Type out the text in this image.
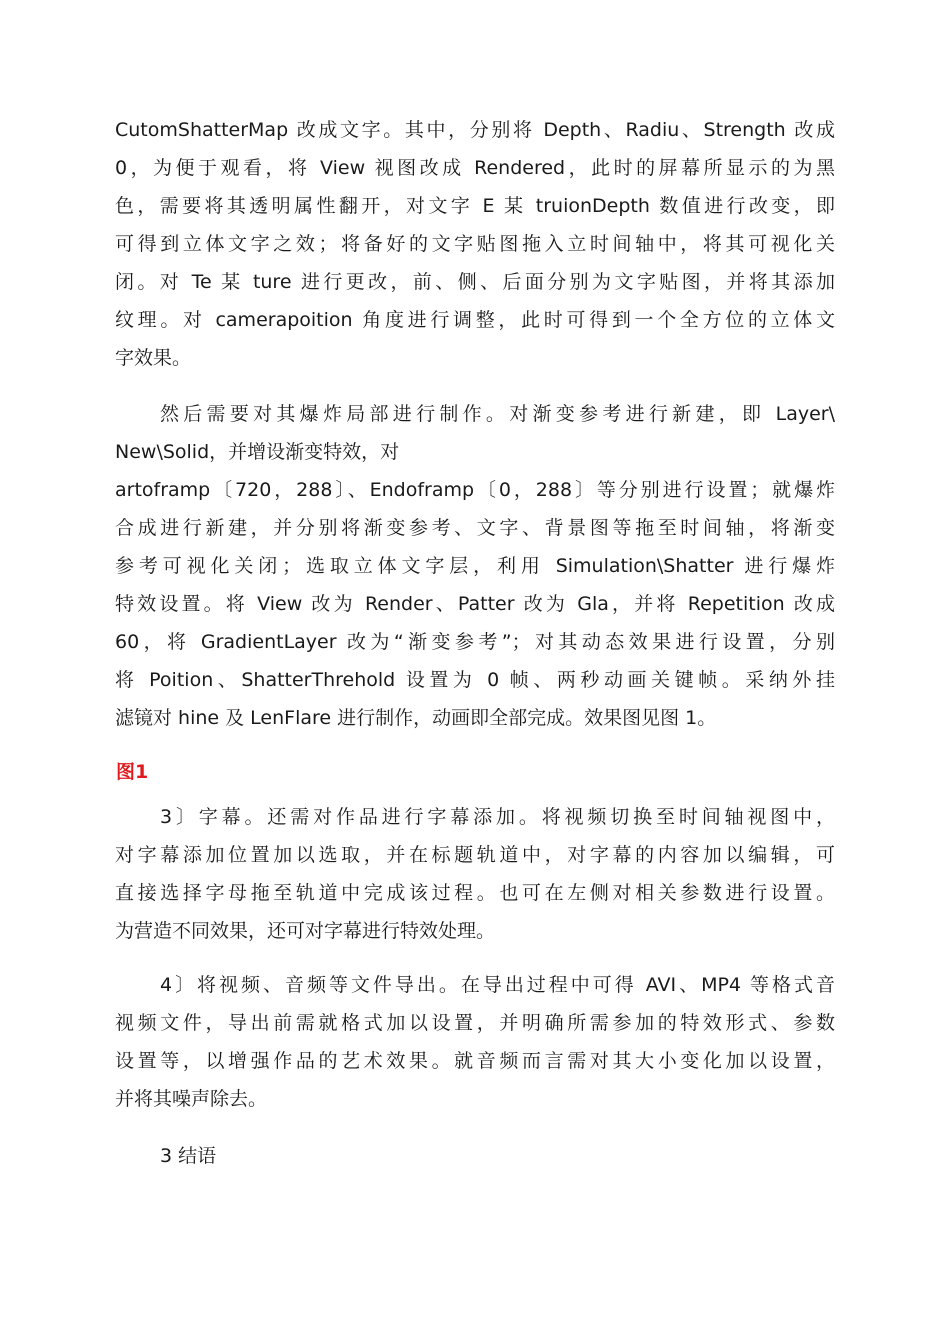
CutomShatterMap 改成文字。其中，分别将 Depth、Radiu、Strength 改成
0，为便于观看，将 View 视图改成 Rendered，此时的屏幕所显示的为黑
色，需要将其透明属性翻开，对文字 E 某 truionDepth 数值进行改变，即
可得到立体文字之效；将备好的文字贴图拖入立时间轴中，将其可视化关
闭。对 Te 某 ture 进行更改，前、侧、后面分别为文字贴图，并将其添加
纹理。对 camerapoition 角度进行调整，此时可得到一个全方位的立体文
字效果。
然后需要对其爆炸局部进行制作。对渐变参考进行新建，即 Layer\
New\Solid，并增设渐变特效，对
artoframp〔720，288〕、Endoframp〔0，288〕等分别进行设置；就爆炸
合成进行新建，并分别将渐变参考、文字、背景图等拖至时间轴，将渐变
参考可视化关闭；选取立体文字层，利用 Simulation\Shatter 进行爆炸
特效设置。将 View 改为 Render、Patter 改为 Gla，并将 Repetition 改成
60，将 GradientLayer 改为“渐变参考”；对其动态效果进行设置，分别
将 Poition、ShatterThrehold 设置为 0 帧、两秒动画关键帧。采纳外挂
滤镜对 hine 及 LenFlare 进行制作，动画即全部完成。效果图见图 1。
图1
3〕字幕。还需对作品进行字幕添加。将视频切换至时间轴视图中，
对字幕添加位置加以选取，并在标题轨道中，对字幕的内容加以编辑，可
直接选择字母拖至轨道中完成该过程。也可在左侧对相关参数进行设置。
为营造不同效果，还可对字幕进行特效处理。
4〕将视频、音频等文件导出。在导出过程中可得 AVI、MP4 等格式音
视频文件，导出前需就格式加以设置，并明确所需参加的特效形式、参数
设置等，以增强作品的艺术效果。就音频而言需对其大小变化加以设置，
并将其噪声除去。
3 结语
